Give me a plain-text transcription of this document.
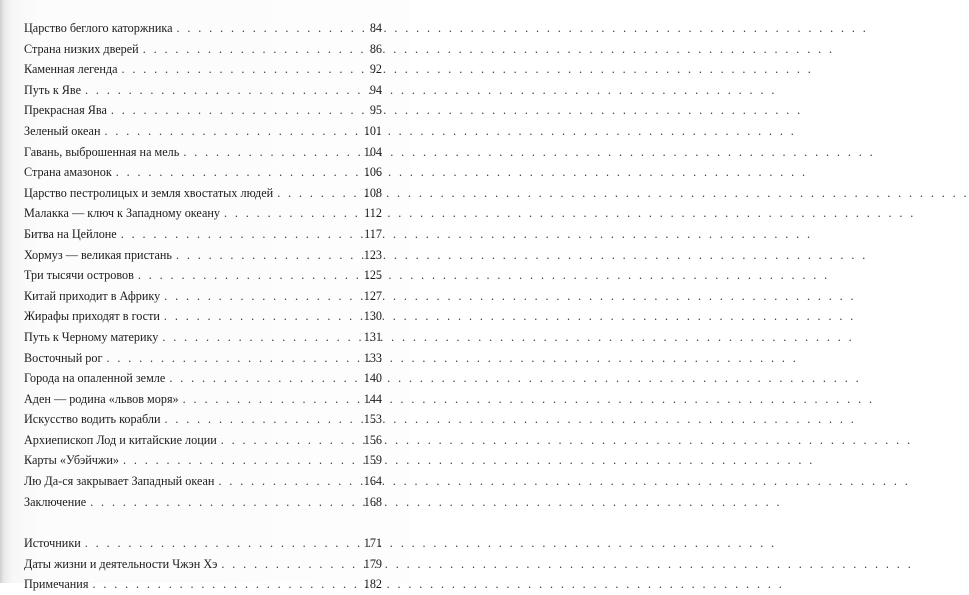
Царство беглого каторжника . . .	84
Страна низких дверей . . .	86
Каменная легенда . . .	92
Путь к Яве . . .	94
Прекрасная Ява . . .	95
Зеленый океан . . .	101
Гавань, выброшенная на мель . . .	104
Страна амазонок . . .	106
Царство пестролицых и земля хвостатых людей . . .	108
Малакка — ключ к Западному океану . . .	112
Битва на Цейлоне . . .	117
Хормуз — великая пристань . . .	123
Три тысячи островов . . .	125
Китай приходит в Африку . . .	127
Жирафы приходят в гости . . .	130
Путь к Черному материку . . .	131
Восточный рог . . .	133
Города на опаленной земле . . .	140
Аден — родина «львов моря» . . .	144
Искусство водить корабли . . .	153
Архиепископ Лод и китайские лоции . . .	156
Карты «Убэйчжи» . . .	159
Лю Да-ся закрывает Западный океан . . .	164
Заключение . . .	168
Источники . . .	171
Даты жизни и деятельности Чжэн Хэ . . .	179
Примечания . . .	182
